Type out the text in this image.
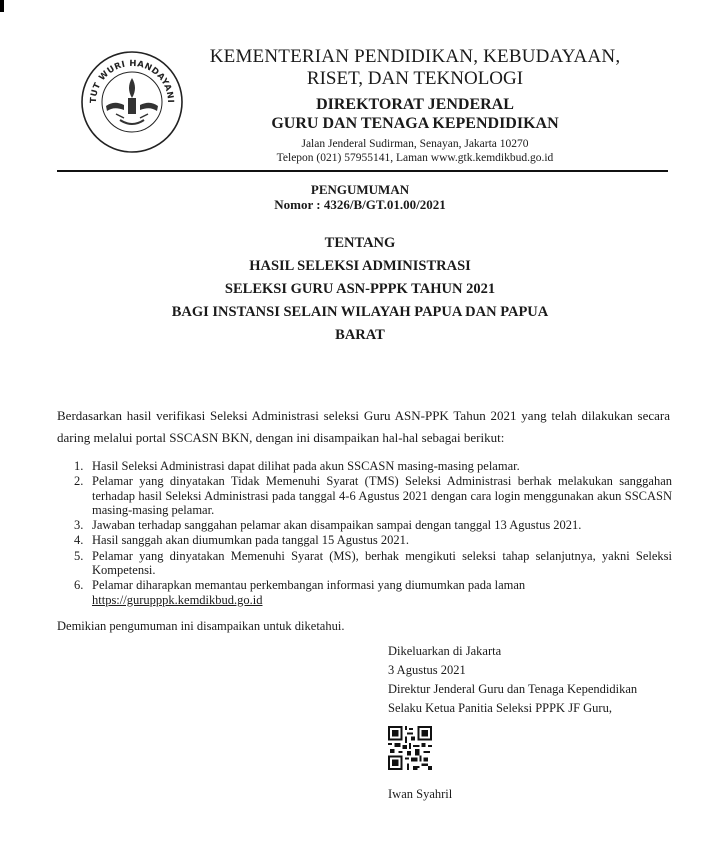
TUT WURI HANDAYANI
KEMENTERIAN PENDIDIKAN, KEBUDAYAAN,
RISET, DAN TEKNOLOGI
DIREKTORAT JENDERAL
GURU DAN TENAGA KEPENDIDIKAN
Jalan Jenderal Sudirman, Senayan, Jakarta 10270
Telepon (021) 57955141, Laman www.gtk.kemdikbud.go.id
PENGUMUMAN
Nomor : 4326/B/GT.01.00/2021
TENTANG
HASIL SELEKSI ADMINISTRASI
SELEKSI GURU ASN-PPPK TAHUN 2021
BAGI INSTANSI SELAIN WILAYAH PAPUA DAN PAPUA
BARAT
Berdasarkan hasil verifikasi Seleksi Administrasi seleksi Guru ASN-PPK Tahun 2021 yang telah dilakukan secara daring melalui portal SSCASN BKN, dengan ini disampaikan hal-hal sebagai berikut:
1. Hasil Seleksi Administrasi dapat dilihat pada akun SSCASN masing-masing pelamar.
2. Pelamar yang dinyatakan Tidak Memenuhi Syarat (TMS) Seleksi Administrasi berhak melakukan sanggahan terhadap hasil Seleksi Administrasi pada tanggal 4-6 Agustus 2021 dengan cara login menggunakan akun SSCASN masing-masing pelamar.
3. Jawaban terhadap sanggahan pelamar akan disampaikan sampai dengan tanggal 13 Agustus 2021.
4. Hasil sanggah akan diumumkan pada tanggal 15 Agustus 2021.
5. Pelamar yang dinyatakan Memenuhi Syarat (MS), berhak mengikuti seleksi tahap selanjutnya, yakni Seleksi Kompetensi.
6. Pelamar diharapkan memantau perkembangan informasi yang diumumkan pada laman
https://gurupppk.kemdikbud.go.id
Demikian pengumuman ini disampaikan untuk diketahui.
Dikeluarkan di Jakarta
3 Agustus 2021
Direktur Jenderal Guru dan Tenaga Kependidikan
Selaku Ketua Panitia Seleksi PPPK JF Guru,
Iwan Syahril
